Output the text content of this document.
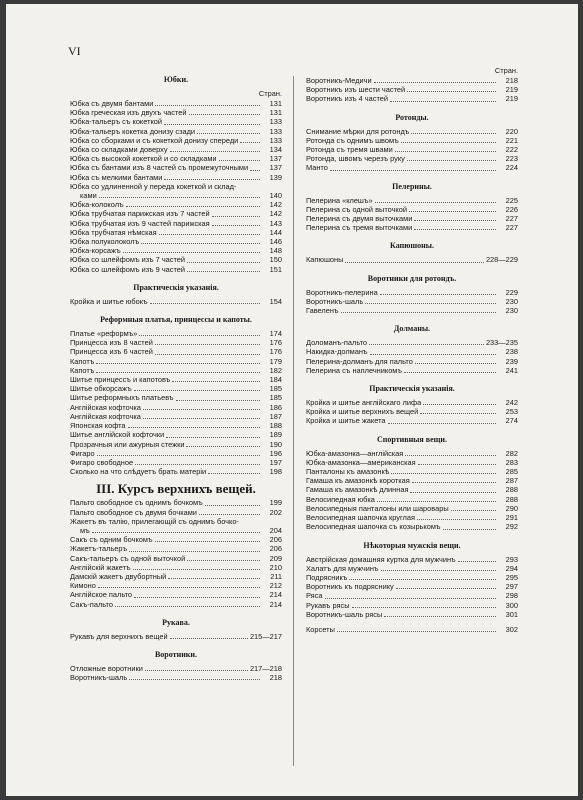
VI
Юбки.
Стран.
Юбка съ двумя бантами	131
Юбка греческая изъ двухъ частей	131
Юбка-тальеръ съ кокеткой	133
Юбка-тальеръ кокетка донизу сзади	133
Юбка со сборками и съ кокеткой донизу спереди	133
Юбка со складками доверху	134
Юбка съ высокой кокеткой и со складками	137
Юбка съ бантами изъ 8 частей съ промежуточными	137
Юбка съ мелкими бантами	139
Юбка со удлиненной у переда кокеткой и склад-
ками	140
Юбка-колоколъ	142
Юбка трубчатая парижская изъ 7 частей	142
Юбка трубчатая изъ 9 частей парижская	143
Юбка трубчатая нѣмская	144
Юбка полуколоколъ	146
Юбка-корсажъ	148
Юбка со шлейфомъ изъ 7 частей	150
Юбка со шлейфомъ изъ 9 частей	151
Практическія указанія.
Кройка и шитье юбокъ	154
Реформныя платья, принцессы и капоты.
Платье «реформъ»	174
Принцесса изъ 8 частей	176
Принцесса изъ 6 частей	176
Капотъ	179
Капотъ	182
Шитье принцессъ и капотовъ	184
Шитье обкорсажъ	185
Шитье реформныхъ платьевъ	185
Англійская кофточка	186
Англійская кофточка	187
Японская кофта	188
Шитье англійской кофточки	189
Прозрачныя или ажурныя стежки	190
Фигаро	196
Фигаро свободное	197
Сколько на что слѣдуетъ брать матеріи	198
III. Курсъ верхнихъ вещей.
Пальто свободное съ однимъ бочкомъ	199
Пальто свободное съ двумя бочками	202
Жакетъ въ талію, прилегающій съ однимъ бочко-
мъ	204
Сакъ съ одним бочкомъ	206
Жакетъ-тальеръ	206
Сакъ-тальеръ съ одной выточкой	209
Англійскій жакетъ	210
Дамскій жакетъ двубортный	211
Кимоно	212
Англійское пальто	214
Сакъ-пальто	214
Рукава.
Рукавъ для верхнихъ вещей	215—217
Воротники.
Отложные воротники	217—218
Воротникъ-шаль	218
Стран.
Воротникъ-Медичи	218
Воротникъ изъ шести частей	219
Воротникъ изъ 4 частей	219
Ротонды.
Снимание мѣрки для ротондъ	220
Ротонда съ однимъ швомъ	221
Ротонда съ тремя швами	222
Ротонда, швомъ черезъ руку	223
Манто	224
Пелерины.
Пелерина «клешъ»	225
Пелерина съ одной выточкой	226
Пелерина съ двумя выточками	227
Пелерина съ тремя выточками	227
Капюшоны.
Капюшоны	228—229
Воротники для ротондъ.
Воротникъ-пелерина	229
Воротникъ-шаль	230
Гавеленъ	230
Долманы.
Доломанъ-пальто	233—235
Накидка-долманъ	238
Пелерина-долманъ для пальто	239
Пелерина съ наплечникомъ	241
Практическія указанія.
Кройка и шитье англійскаго лифа	242
Кройка и шитье верхнихъ вещей	253
Кройка и шитье жакета	274
Спортивныя вещи.
Юбка-амазонка—англійская	282
Юбка-амазонка—американская	283
Панталоны къ амазонкѣ	285
Гамаша къ амазонкѣ короткая	287
Гамаша къ амазонкѣ длинная	288
Велосипедная юбка	288
Велосипедныя панталоны или шаровары	290
Велосипедная шапочка круглая	291
Велосипедная шапочка съ козырькомъ	292
Нѣкоторыя мужскія вещи.
Австрійская домашняя куртка для мужчинъ	293
Халатъ для мужчинъ	294
Подрясникъ	295
Воротникъ къ подряснику	297
Ряса	298
Рукавъ рясы	300
Воротникъ-шаль рясы	301
Корсеты	302
